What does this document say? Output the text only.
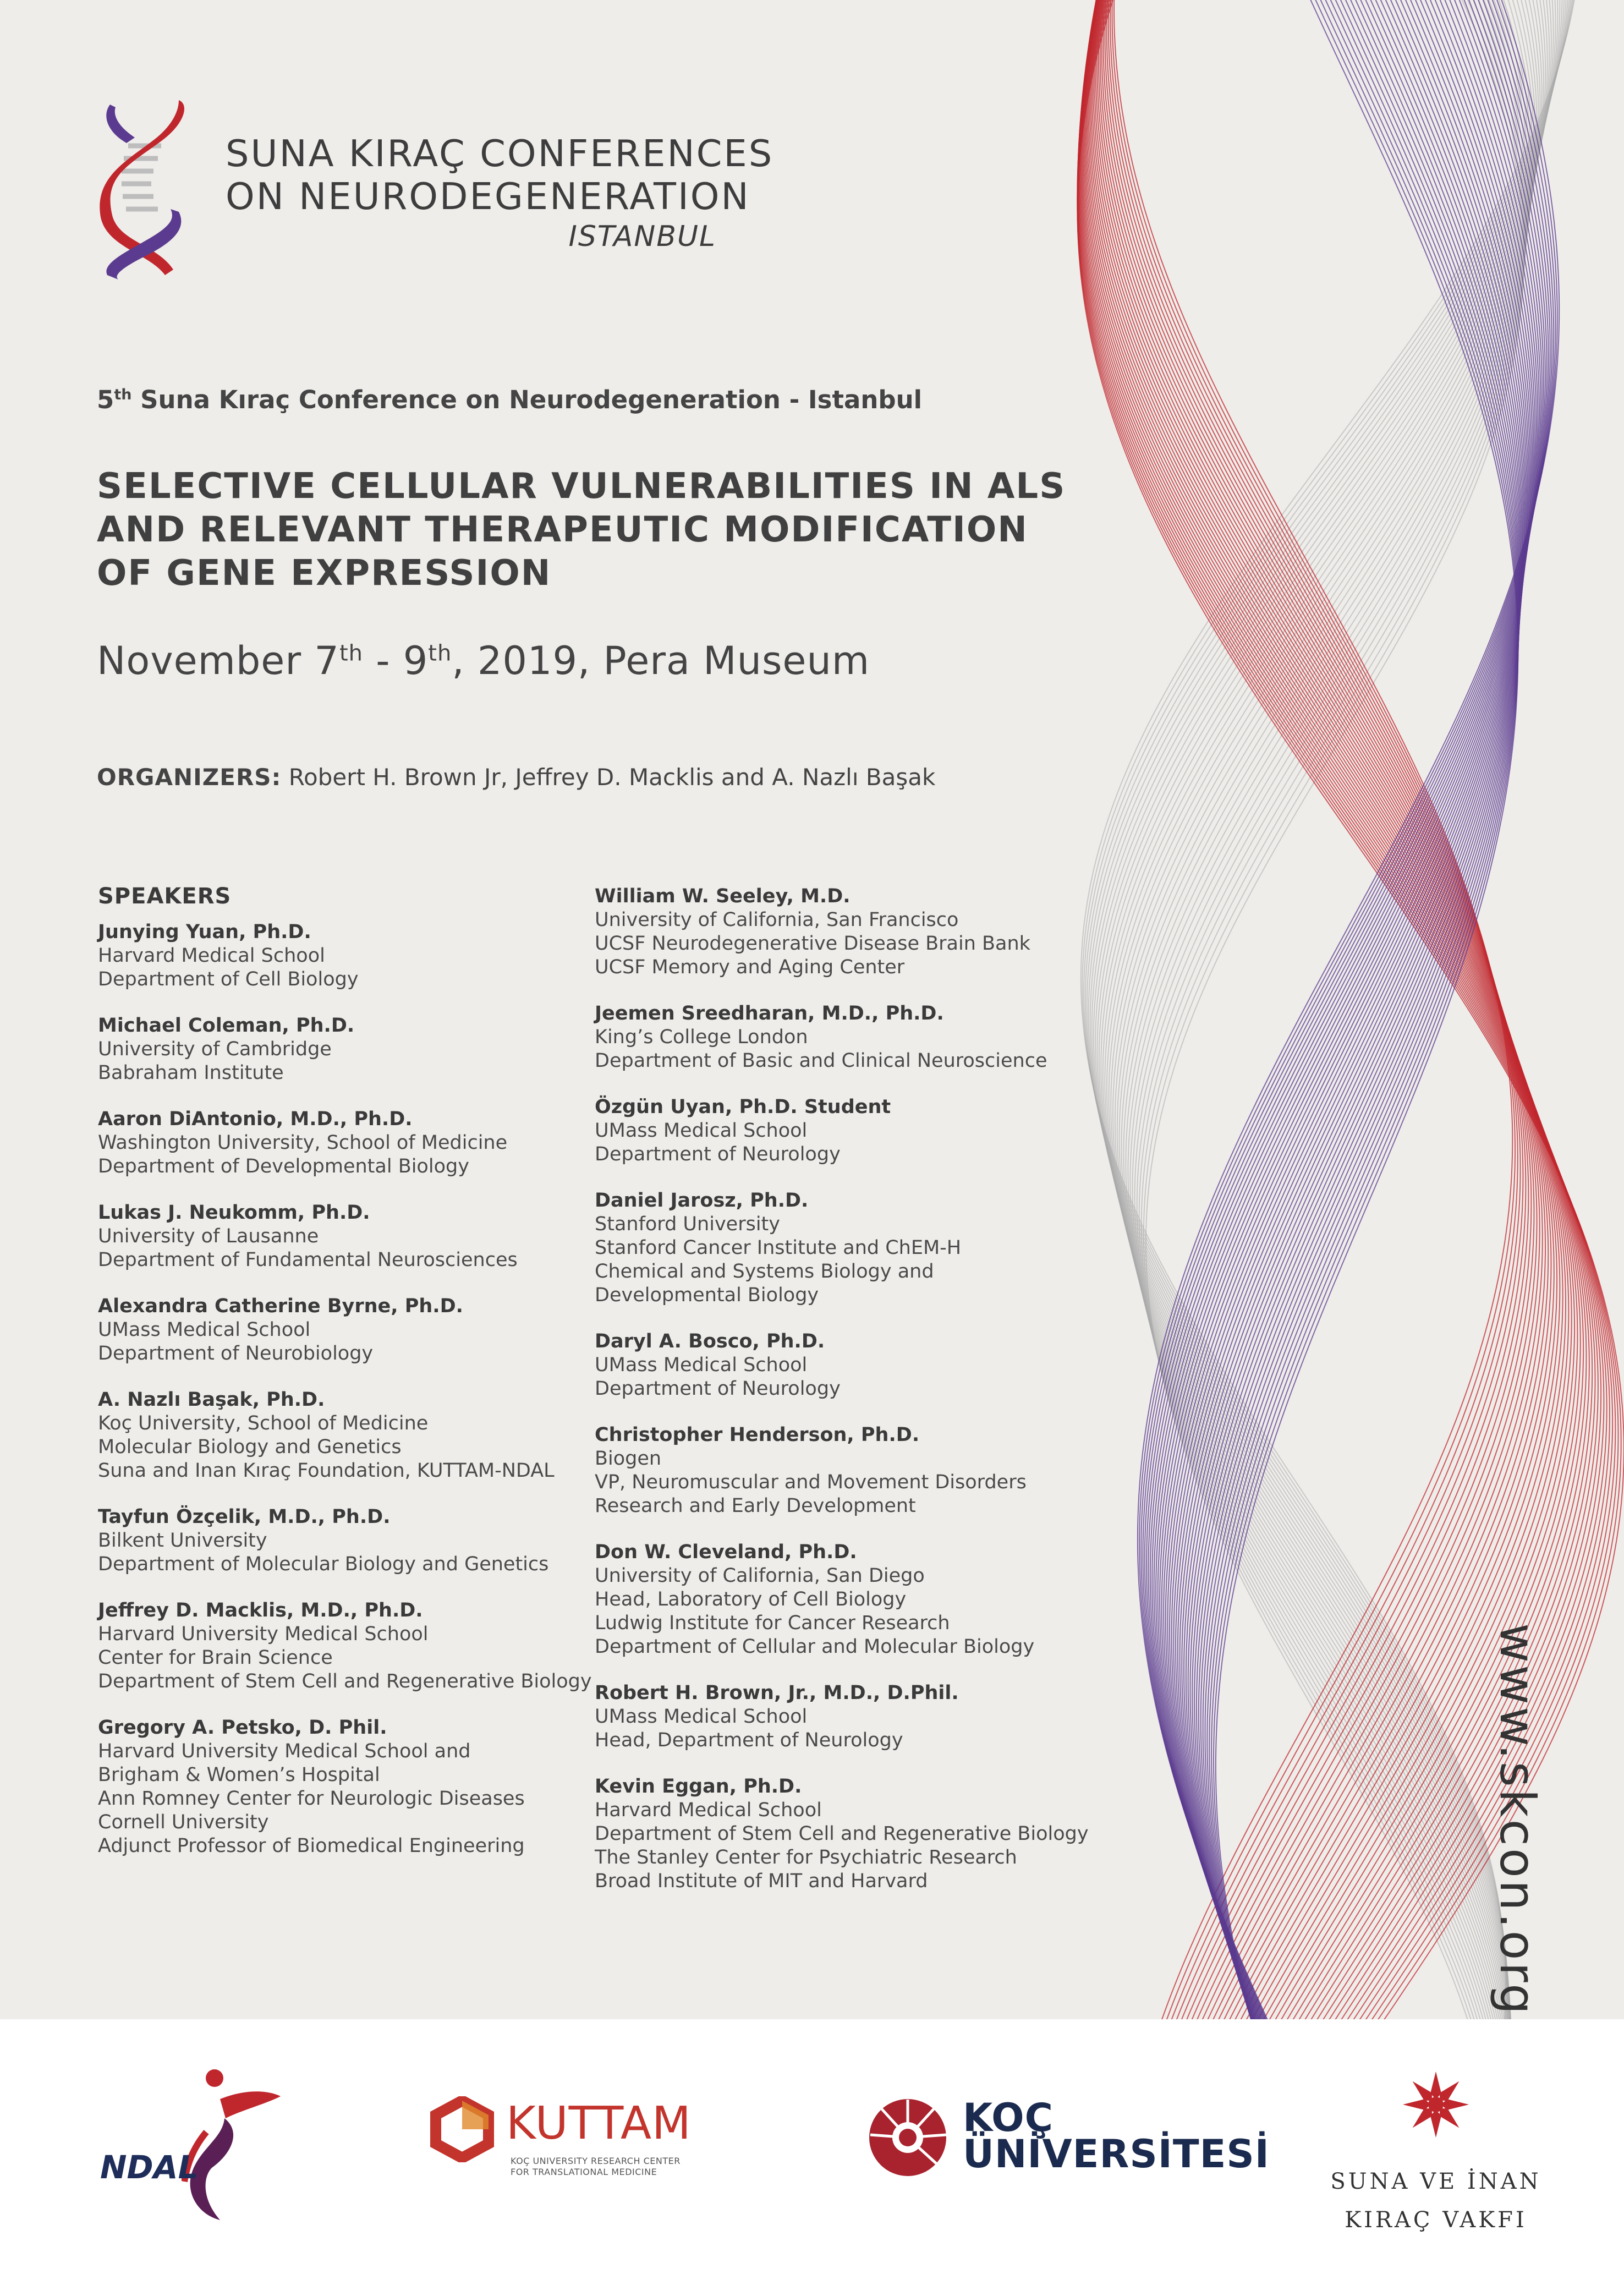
SUNA KIRAÇ CONFERENCES
ON NEURODEGENERATION
ISTANBUL
5th Suna Kıraç Conference on Neurodegeneration - Istanbul
SELECTIVE CELLULAR VULNERABILITIES IN ALS
AND RELEVANT THERAPEUTIC MODIFICATION
OF GENE EXPRESSION
November 7th - 9th, 2019, Pera Museum
ORGANIZERS: Robert H. Brown Jr, Jeffrey D. Macklis and A. Nazlı Başak
SPEAKERS
Junying Yuan, Ph.D.
Harvard Medical School
Department of Cell Biology
Michael Coleman, Ph.D.
University of Cambridge
Babraham Institute
Aaron DiAntonio, M.D., Ph.D.
Washington University, School of Medicine
Department of Developmental Biology
Lukas J. Neukomm, Ph.D.
University of Lausanne
Department of Fundamental Neurosciences
Alexandra Catherine Byrne, Ph.D.
UMass Medical School
Department of Neurobiology
A. Nazlı Başak, Ph.D.
Koç University, School of Medicine
Molecular Biology and Genetics
Suna and Inan Kıraç Foundation, KUTTAM-NDAL
Tayfun Özçelik, M.D., Ph.D.
Bilkent University
Department of Molecular Biology and Genetics
Jeffrey D. Macklis, M.D., Ph.D.
Harvard University Medical School
Center for Brain Science
Department of Stem Cell and Regenerative Biology
Gregory A. Petsko, D. Phil.
Harvard University Medical School and
Brigham & Women’s Hospital
Ann Romney Center for Neurologic Diseases
Cornell University
Adjunct Professor of Biomedical Engineering
William W. Seeley, M.D.
University of California, San Francisco
UCSF Neurodegenerative Disease Brain Bank
UCSF Memory and Aging Center
Jeemen Sreedharan, M.D., Ph.D.
King’s College London
Department of Basic and Clinical Neuroscience
Özgün Uyan, Ph.D. Student
UMass Medical School
Department of Neurology
Daniel Jarosz, Ph.D.
Stanford University
Stanford Cancer Institute and ChEM-H
Chemical and Systems Biology and
Developmental Biology
Daryl A. Bosco, Ph.D.
UMass Medical School
Department of Neurology
Christopher Henderson, Ph.D.
Biogen
VP, Neuromuscular and Movement Disorders
Research and Early Development
Don W. Cleveland, Ph.D.
University of California, San Diego
Head, Laboratory of Cell Biology
Ludwig Institute for Cancer Research
Department of Cellular and Molecular Biology
Robert H. Brown, Jr., M.D., D.Phil.
UMass Medical School
Head, Department of Neurology
Kevin Eggan, Ph.D.
Harvard Medical School
Department of Stem Cell and Regenerative Biology
The Stanley Center for Psychiatric Research
Broad Institute of MIT and Harvard	www.skcon.org
NDAL
KUTTAM
KOÇ UNIVERSITY RESEARCH CENTER
FOR TRANSLATIONAL MEDICINE
KOÇ
ÜNİVERSİTESİ
SUNA VE İNAN
KIRAÇ VAKFI
